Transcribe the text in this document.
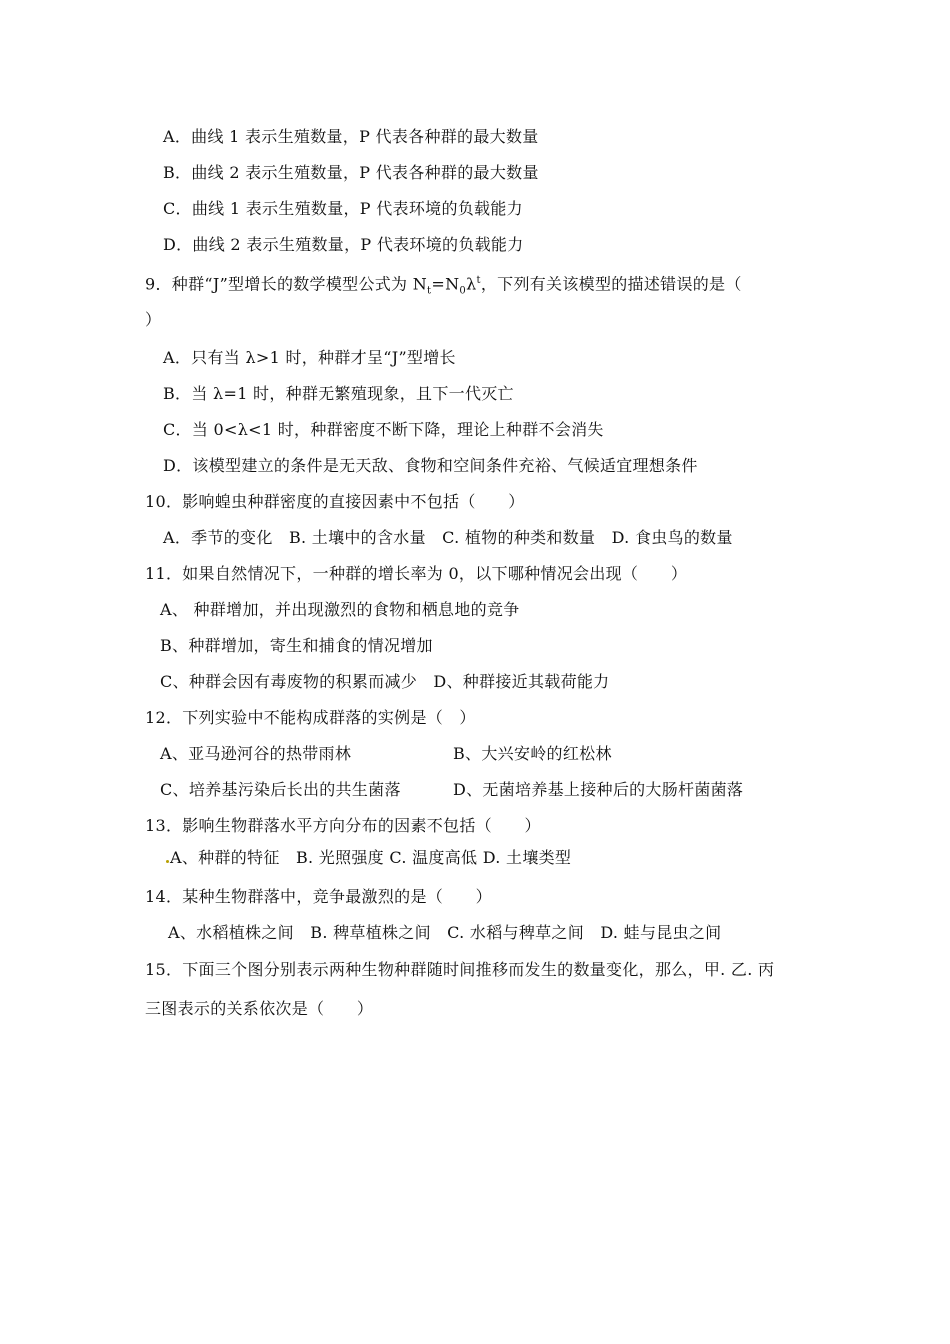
A．曲线 1 表示生殖数量，P 代表各种群的最大数量
B．曲线 2 表示生殖数量，P 代表各种群的最大数量
C．曲线 1 表示生殖数量，P 代表环境的负载能力
D．曲线 2 表示生殖数量，P 代表环境的负载能力
9．种群“J”型增长的数学模型公式为 $N_t=N_0\lambda^t$，下列有关该模型的描述错误的是（
）
A．只有当 λ>1 时，种群才呈“J”型增长
B．当 λ=1 时，种群无繁殖现象，且下一代灭亡
C．当 0<λ<1 时，种群密度不断下降，理论上种群不会消失
D．该模型建立的条件是无天敌、食物和空间条件充裕、气候适宜理想条件
10．影响蝗虫种群密度的直接因素中不包括（　　）
A．季节的变化　B. 土壤中的含水量　C. 植物的种类和数量　D. 食虫鸟的数量
11．如果自然情况下，一种群的增长率为 0，以下哪种情况会出现（　　）
A、 种群增加，并出现激烈的食物和栖息地的竞争
B、种群增加，寄生和捕食的情况增加
C、种群会因有毒废物的积累而减少　D、种群接近其载荷能力
12．下列实验中不能构成群落的实例是（　）
A、亚马逊河谷的热带雨林	B、大兴安岭的红松林
C、培养基污染后长出的共生菌落	D、无菌培养基上接种后的大肠杆菌菌落
13．影响生物群落水平方向分布的因素不包括（　　）
A、种群的特征　B. 光照强度 C. 温度高低 D. 土壤类型
14．某种生物群落中，竞争最激烈的是（　　）
A、水稻植株之间　B. 稗草植株之间　C. 水稻与稗草之间　D. 蛙与昆虫之间
15．下面三个图分别表示两种生物种群随时间推移而发生的数量变化，那么，甲. 乙. 丙
三图表示的关系依次是（　　）
